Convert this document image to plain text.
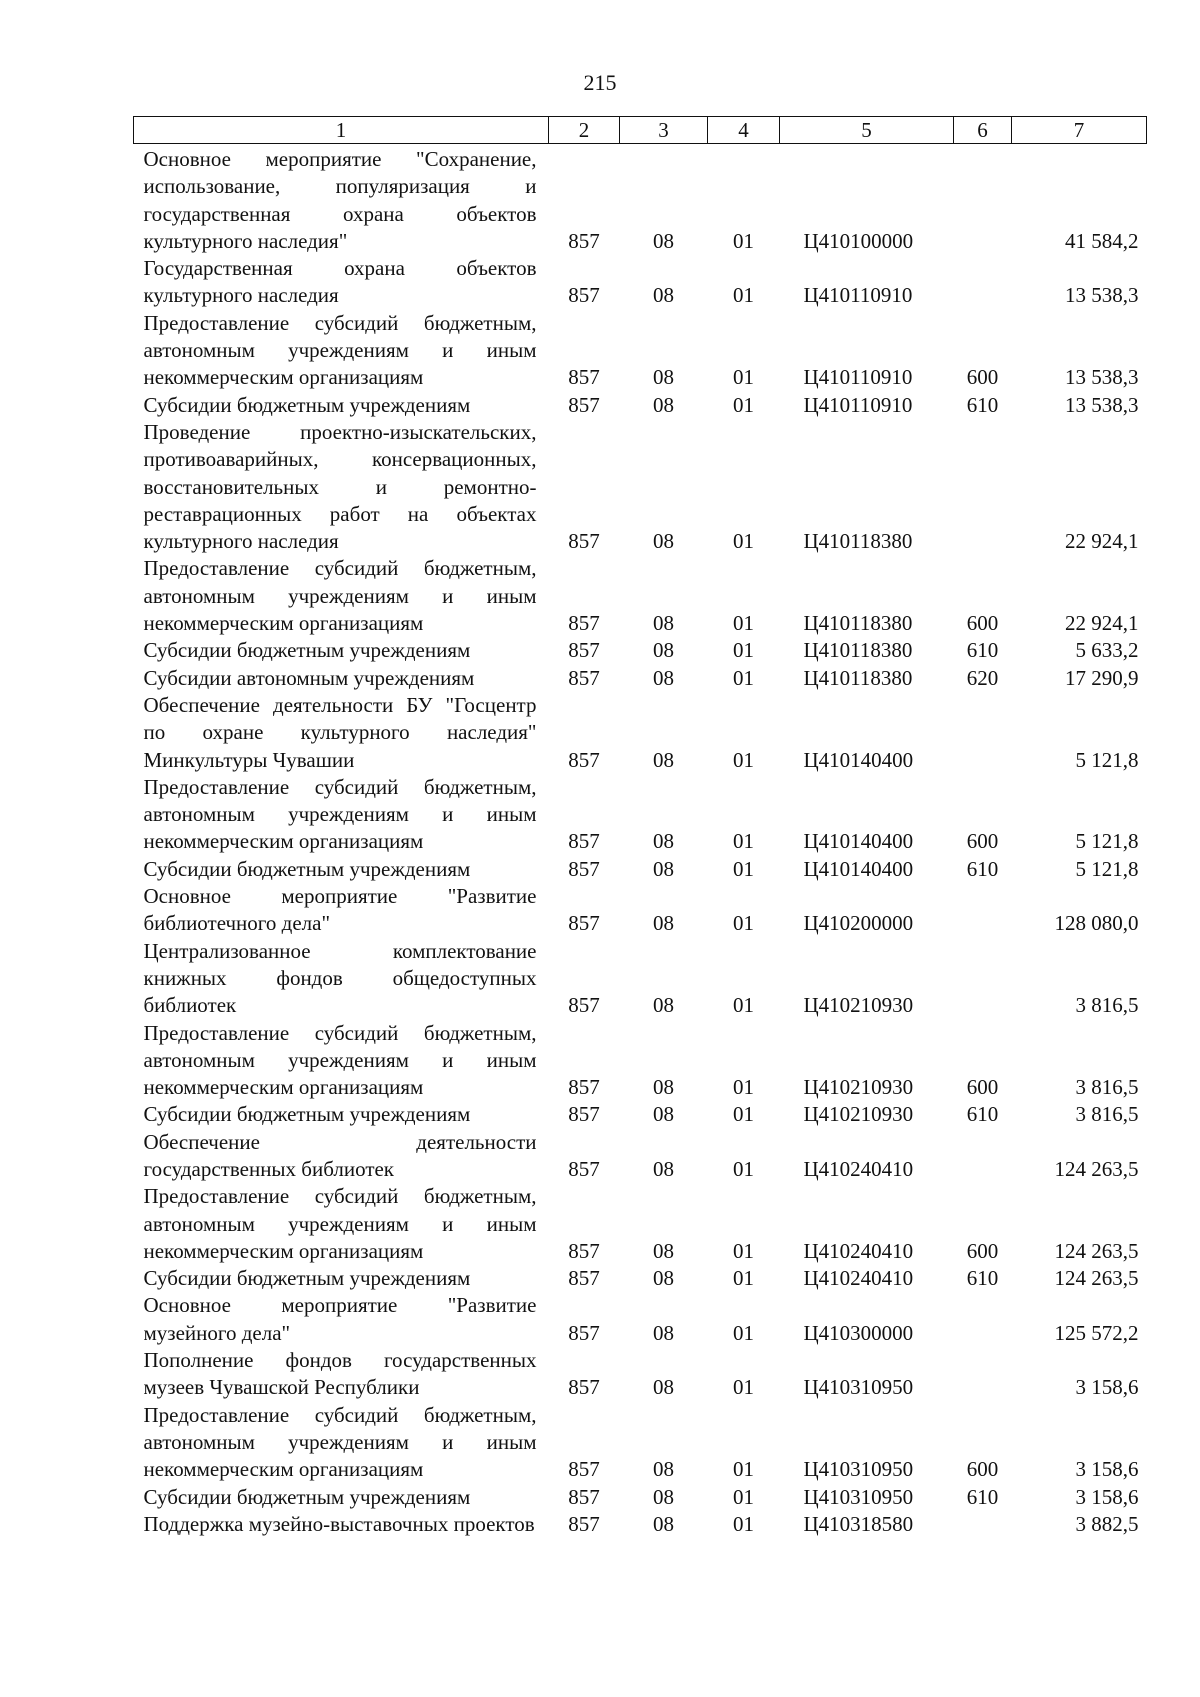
215
1	2	3	4	5	6	7
Основное мероприятие "Сохранение, использование, популяризация и государственная охрана объектов культурного наследия"	857	08	01	Ц410100000		41 584,2
Государственная охрана объектов культурного наследия	857	08	01	Ц410110910		13 538,3
Предоставление субсидий бюджетным, автономным учреждениям и иным некоммерческим организациям	857	08	01	Ц410110910	600	13 538,3
Субсидии бюджетным учреждениям	857	08	01	Ц410110910	610	13 538,3
Проведение проектно-изыскательских, противоаварийных, консервационных, восстановительных и ремонтно-реставрационных работ на объектах культурного наследия	857	08	01	Ц410118380		22 924,1
Предоставление субсидий бюджетным, автономным учреждениям и иным некоммерческим организациям	857	08	01	Ц410118380	600	22 924,1
Субсидии бюджетным учреждениям	857	08	01	Ц410118380	610	5 633,2
Субсидии автономным учреждениям	857	08	01	Ц410118380	620	17 290,9
Обеспечение деятельности БУ "Госцентр по охране культурного наследия" Минкультуры Чувашии	857	08	01	Ц410140400		5 121,8
Предоставление субсидий бюджетным, автономным учреждениям и иным некоммерческим организациям	857	08	01	Ц410140400	600	5 121,8
Субсидии бюджетным учреждениям	857	08	01	Ц410140400	610	5 121,8
Основное мероприятие "Развитие библиотечного дела"	857	08	01	Ц410200000		128 080,0
Централизованное комплектование книжных фондов общедоступных библиотек	857	08	01	Ц410210930		3 816,5
Предоставление субсидий бюджетным, автономным учреждениям и иным некоммерческим организациям	857	08	01	Ц410210930	600	3 816,5
Субсидии бюджетным учреждениям	857	08	01	Ц410210930	610	3 816,5
Обеспечение деятельности государственных библиотек	857	08	01	Ц410240410		124 263,5
Предоставление субсидий бюджетным, автономным учреждениям и иным некоммерческим организациям	857	08	01	Ц410240410	600	124 263,5
Субсидии бюджетным учреждениям	857	08	01	Ц410240410	610	124 263,5
Основное мероприятие "Развитие музейного дела"	857	08	01	Ц410300000		125 572,2
Пополнение фондов государственных музеев Чувашской Республики	857	08	01	Ц410310950		3 158,6
Предоставление субсидий бюджетным, автономным учреждениям и иным некоммерческим организациям	857	08	01	Ц410310950	600	3 158,6
Субсидии бюджетным учреждениям	857	08	01	Ц410310950	610	3 158,6
Поддержка музейно-выставочных проектов	857	08	01	Ц410318580		3 882,5
